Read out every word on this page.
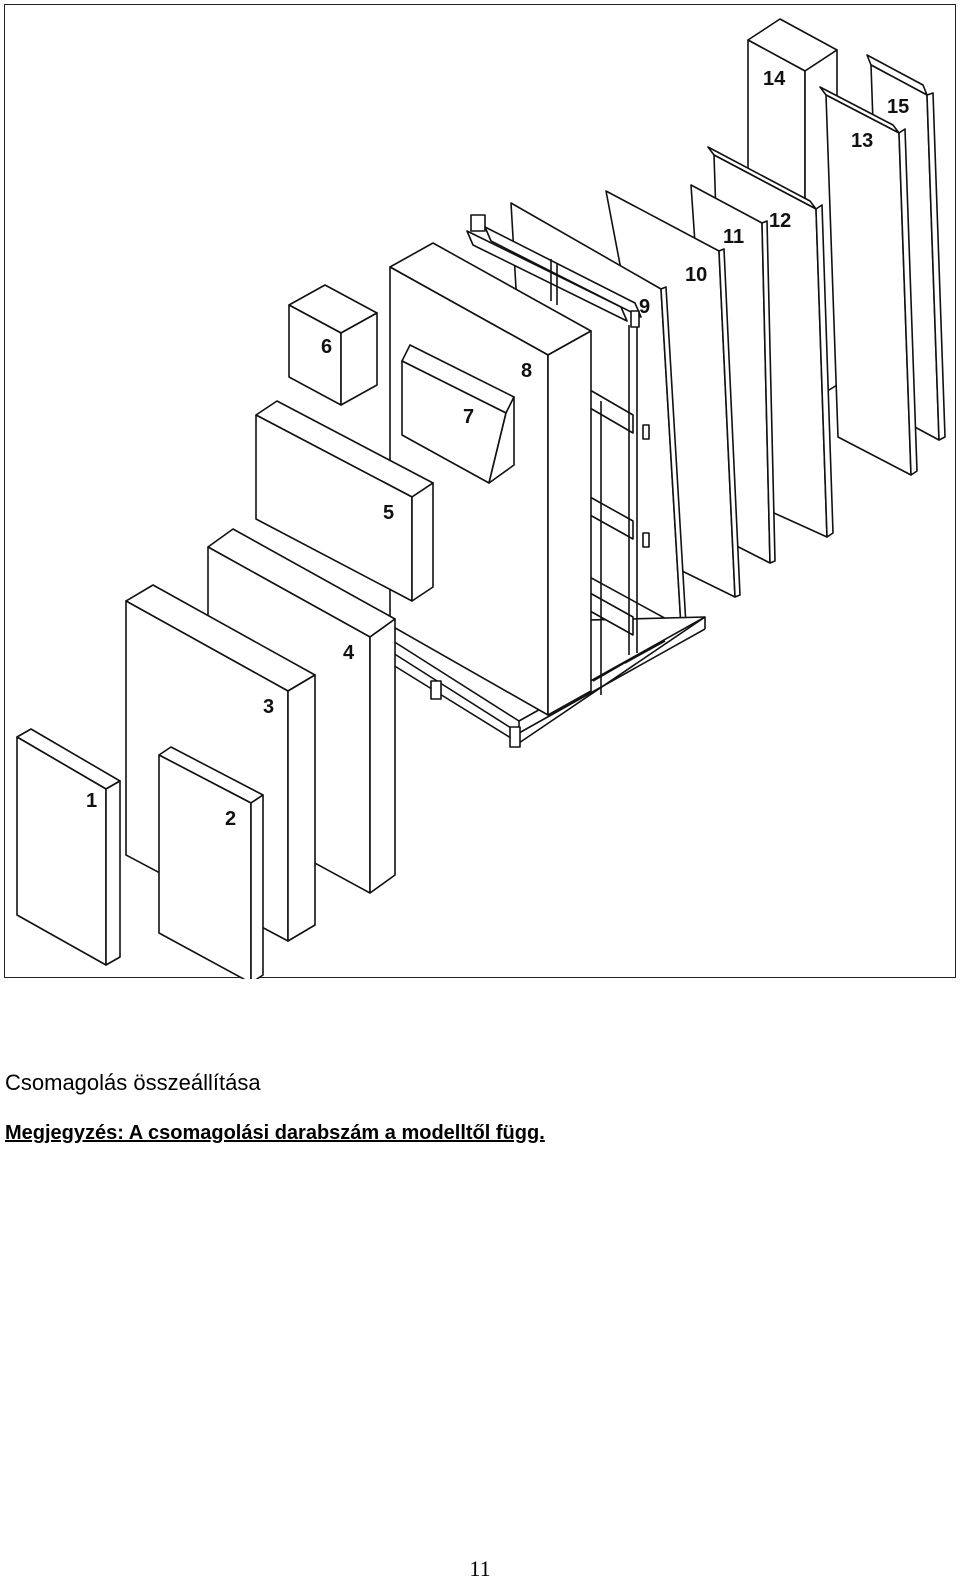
1
2
3
4
5
6
7
8
9
10
11
12
13
14
15
Csomagolás összeállítása
Megjegyzés: A csomagolási darabszám a modelltől függ.
11
